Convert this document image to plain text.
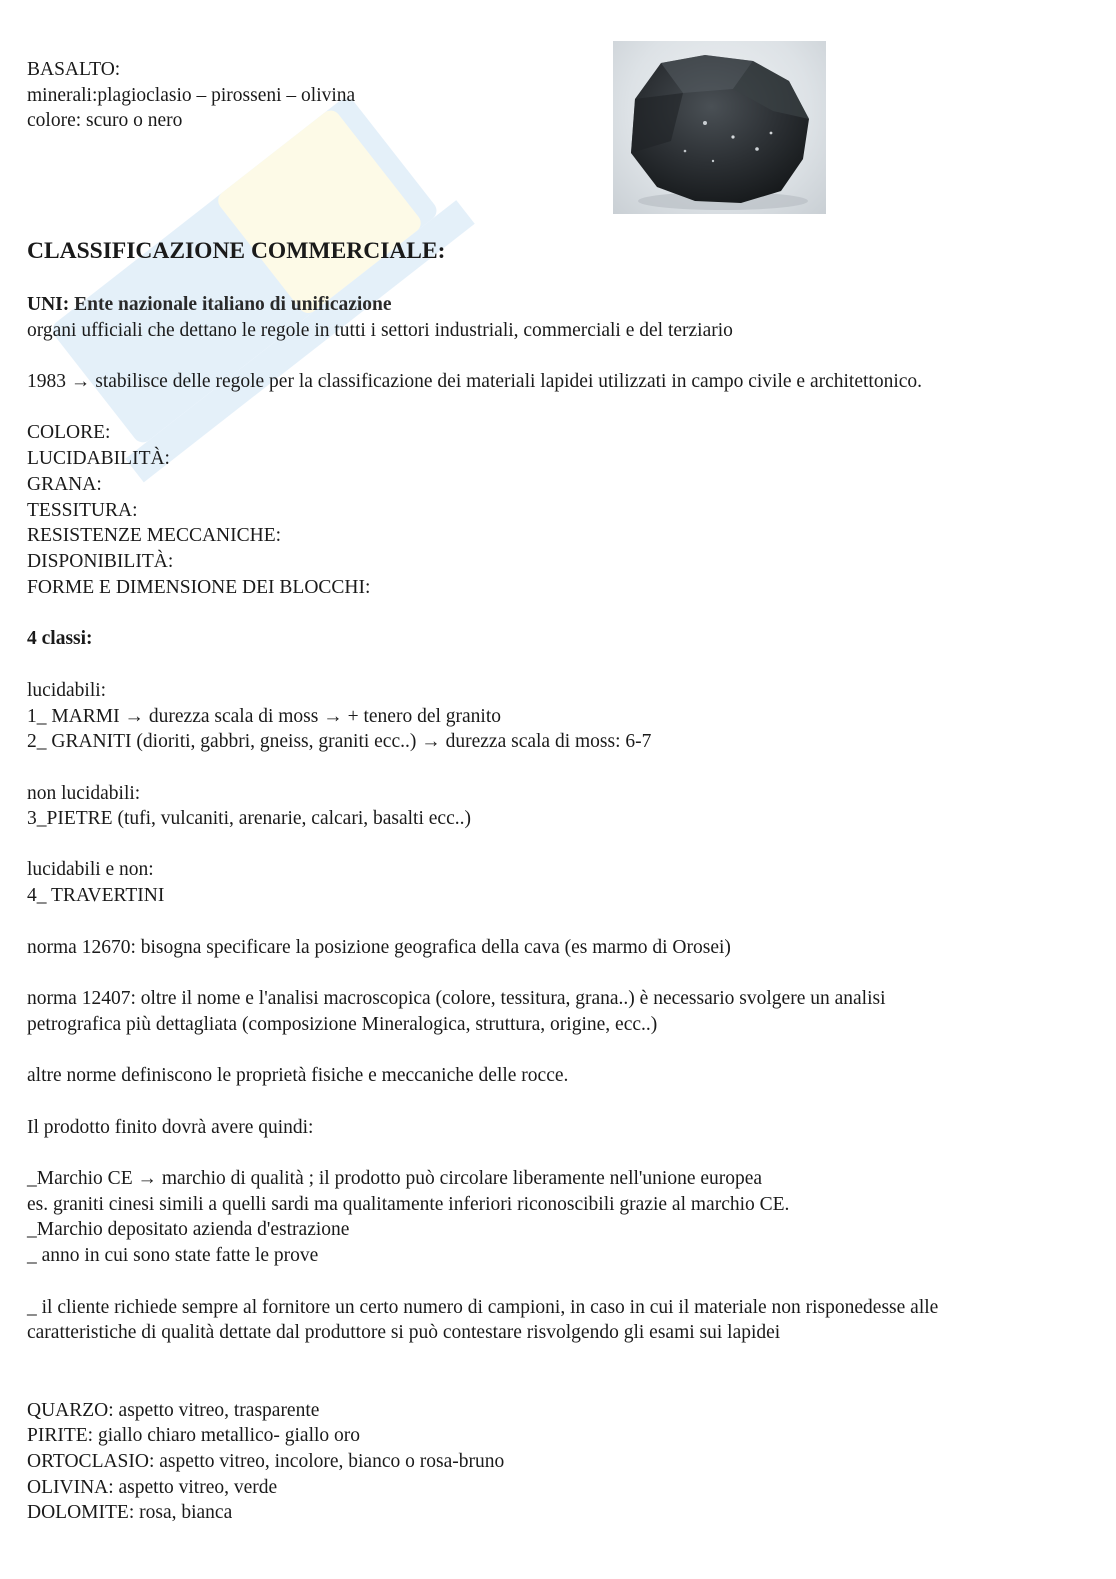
BASALTO:
minerali:plagioclasio – pirosseni – olivina
colore: scuro o nero
CLASSIFICAZIONE COMMERCIALE:
UNI: Ente nazionale italiano di unificazione
organi ufficiali che dettano le regole in tutti i settori industriali, commerciali e del terziario
1983 → stabilisce delle regole per la classificazione dei materiali lapidei utilizzati in campo civile e architettonico.
COLORE:
LUCIDABILITÀ:
GRANA:
TESSITURA:
RESISTENZE MECCANICHE:
DISPONIBILITÀ:
FORME E DIMENSIONE DEI BLOCCHI:
4 classi:
lucidabili:
1_ MARMI → durezza scala di moss → + tenero del granito
2_ GRANITI (dioriti, gabbri, gneiss, graniti ecc..) → durezza scala di moss: 6-7
non lucidabili:
3_PIETRE (tufi, vulcaniti, arenarie, calcari, basalti ecc..)
lucidabili e non:
4_ TRAVERTINI
norma 12670: bisogna specificare la posizione geografica della cava (es marmo di Orosei)
norma 12407: oltre il nome e l'analisi macroscopica (colore, tessitura, grana..) è necessario svolgere un analisi
petrografica più dettagliata (composizione Mineralogica, struttura, origine, ecc..)
altre norme definiscono le proprietà fisiche e meccaniche delle rocce.
Il prodotto finito dovrà avere quindi:
_Marchio CE → marchio di qualità ; il prodotto può circolare liberamente nell'unione europea
es. graniti cinesi simili a quelli sardi ma qualitamente inferiori riconoscibili grazie al marchio CE.
_Marchio depositato azienda d'estrazione
_ anno in cui sono state fatte le prove
_ il cliente richiede sempre al fornitore un certo numero di campioni, in caso in cui il materiale non risponedesse alle
caratteristiche di qualità dettate dal produttore si può contestare risvolgendo gli esami sui lapidei
QUARZO: aspetto vitreo, trasparente
PIRITE: giallo chiaro metallico- giallo oro
ORTOCLASIO: aspetto vitreo, incolore, bianco o rosa-bruno
OLIVINA: aspetto vitreo, verde
DOLOMITE: rosa, bianca
